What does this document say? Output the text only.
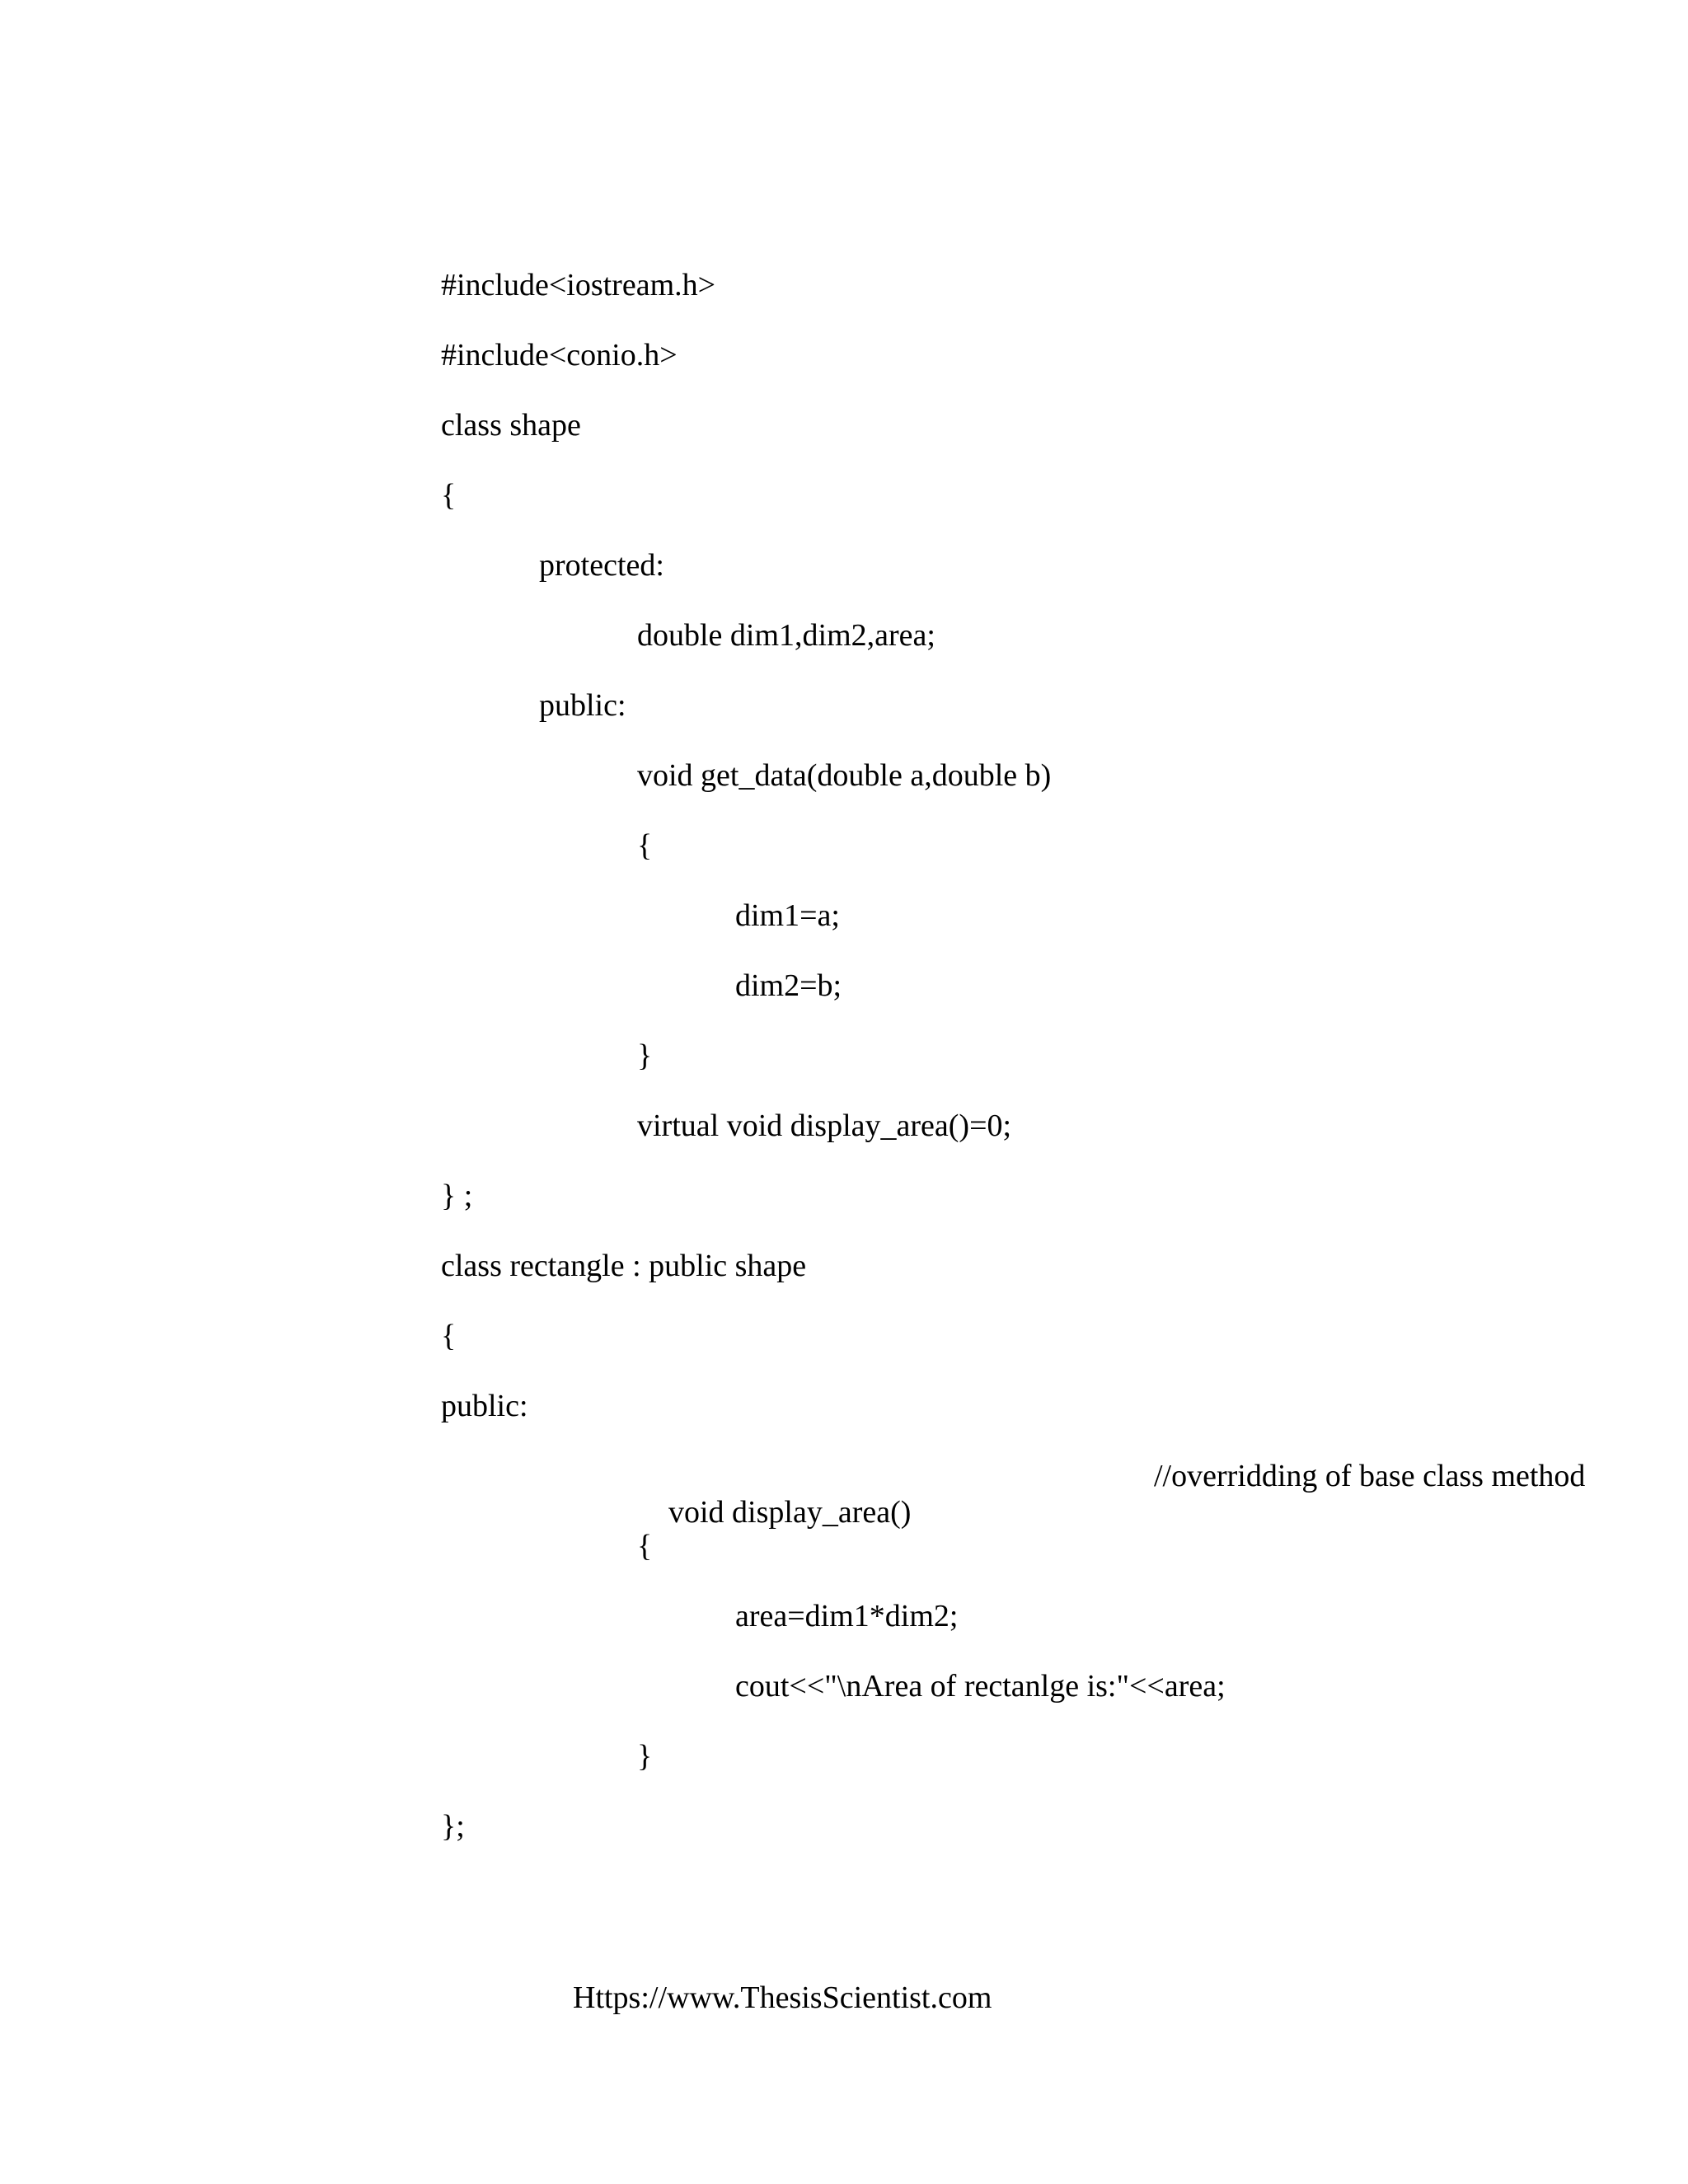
#include<iostream.h>
#include<conio.h>
class shape
{
protected:
double dim1,dim2,area;
public:
void get_data(double a,double b)
{
dim1=a;
dim2=b;
}
virtual void display_area()=0;
} ;
class rectangle : public shape
{
public:

void display_area()

//overridding of base class method

{
area=dim1*dim2;
cout<<"\nArea of rectanlge is:"<<area;
}
};
Https://www.ThesisScientist.com
